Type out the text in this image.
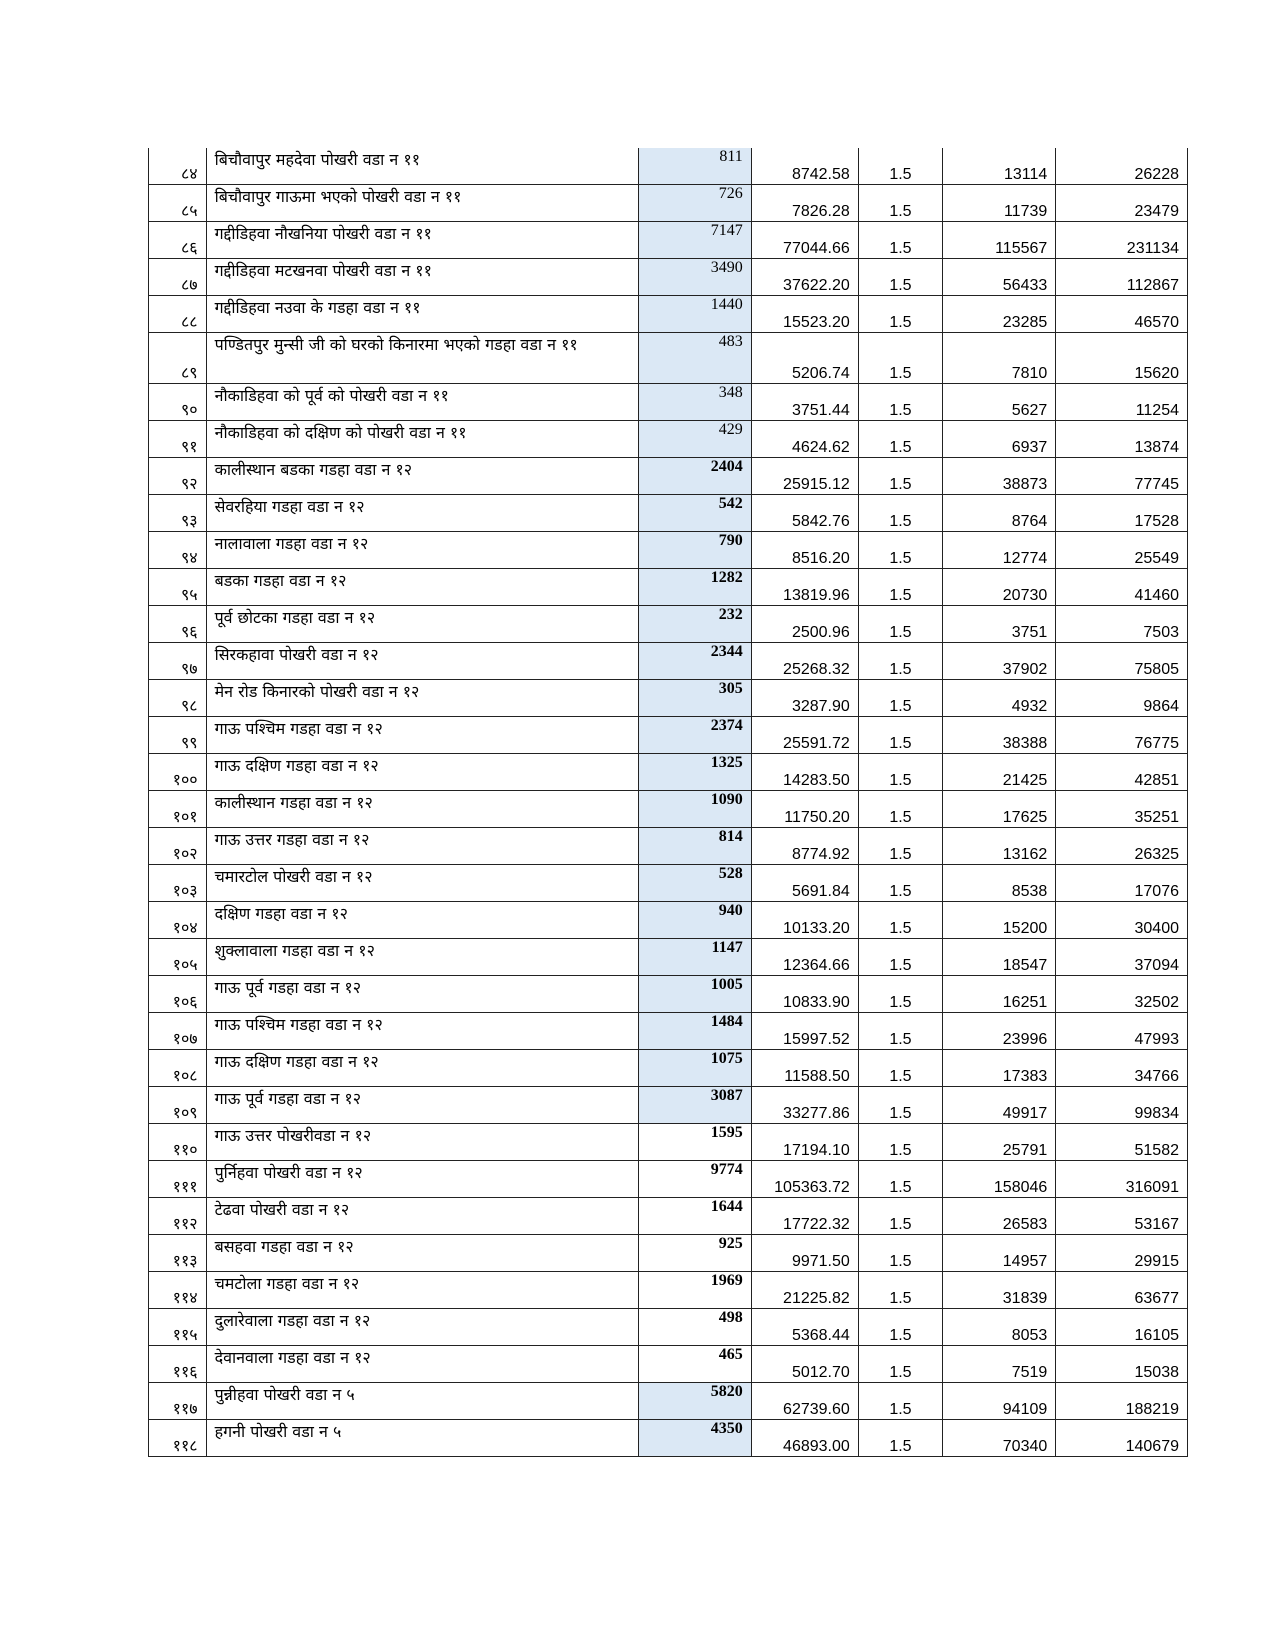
८४	बिचौवापुर महदेवा पोखरी वडा न ११	811	8742.58	1.5	13114	26228
८५	बिचौवापुर गाऊमा भएको पोखरी वडा न ११	726	7826.28	1.5	11739	23479
८६	गद्दीडिहवा नौखनिया पोखरी वडा न ११	7147	77044.66	1.5	115567	231134
८७	गद्दीडिहवा मटखनवा पोखरी वडा न ११	3490	37622.20	1.5	56433	112867
८८	गद्दीडिहवा नउवा के गडहा वडा न ११	1440	15523.20	1.5	23285	46570
८९	पण्डितपुर मुन्सी जी को घरको किनारमा भएको गडहा वडा न ११	483	5206.74	1.5	7810	15620
९०	नौकाडिहवा को पूर्व को पोखरी वडा न ११	348	3751.44	1.5	5627	11254
९१	नौकाडिहवा को दक्षिण को पोखरी वडा न ११	429	4624.62	1.5	6937	13874
९२	कालीस्थान बडका गडहा वडा न १२	2404	25915.12	1.5	38873	77745
९३	सेवरहिया गडहा वडा न १२	542	5842.76	1.5	8764	17528
९४	नालावाला गडहा वडा न १२	790	8516.20	1.5	12774	25549
९५	बडका गडहा वडा न १२	1282	13819.96	1.5	20730	41460
९६	पूर्व छोटका गडहा वडा न १२	232	2500.96	1.5	3751	7503
९७	सिरकहावा पोखरी वडा न १२	2344	25268.32	1.5	37902	75805
९८	मेन रोड किनारको पोखरी वडा न १२	305	3287.90	1.5	4932	9864
९९	गाऊ पश्चिम गडहा वडा न १२	2374	25591.72	1.5	38388	76775
१००	गाऊ दक्षिण गडहा वडा न १२	1325	14283.50	1.5	21425	42851
१०१	कालीस्थान गडहा वडा न १२	1090	11750.20	1.5	17625	35251
१०२	गाऊ उत्तर गडहा वडा न १२	814	8774.92	1.5	13162	26325
१०३	चमारटोल पोखरी वडा न १२	528	5691.84	1.5	8538	17076
१०४	दक्षिण गडहा वडा न १२	940	10133.20	1.5	15200	30400
१०५	शुक्लावाला गडहा वडा न १२	1147	12364.66	1.5	18547	37094
१०६	गाऊ पूर्व गडहा वडा न १२	1005	10833.90	1.5	16251	32502
१०७	गाऊ पश्चिम गडहा वडा न १२	1484	15997.52	1.5	23996	47993
१०८	गाऊ दक्षिण गडहा वडा न १२	1075	11588.50	1.5	17383	34766
१०९	गाऊ पूर्व गडहा वडा न १२	3087	33277.86	1.5	49917	99834
११०	गाऊ उत्तर पोखरीवडा न १२	1595	17194.10	1.5	25791	51582
१११	पुर्निहवा पोखरी वडा न १२	9774	105363.72	1.5	158046	316091
११२	टेढवा पोखरी वडा न १२	1644	17722.32	1.5	26583	53167
११३	बसहवा गडहा वडा न १२	925	9971.50	1.5	14957	29915
११४	चमटोला गडहा वडा न १२	1969	21225.82	1.5	31839	63677
११५	दुलारेवाला गडहा वडा न १२	498	5368.44	1.5	8053	16105
११६	देवानवाला गडहा वडा न १२	465	5012.70	1.5	7519	15038
११७	पुन्नीहवा पोखरी वडा न ५	5820	62739.60	1.5	94109	188219
११८	हगनी पोखरी वडा न ५	4350	46893.00	1.5	70340	140679
